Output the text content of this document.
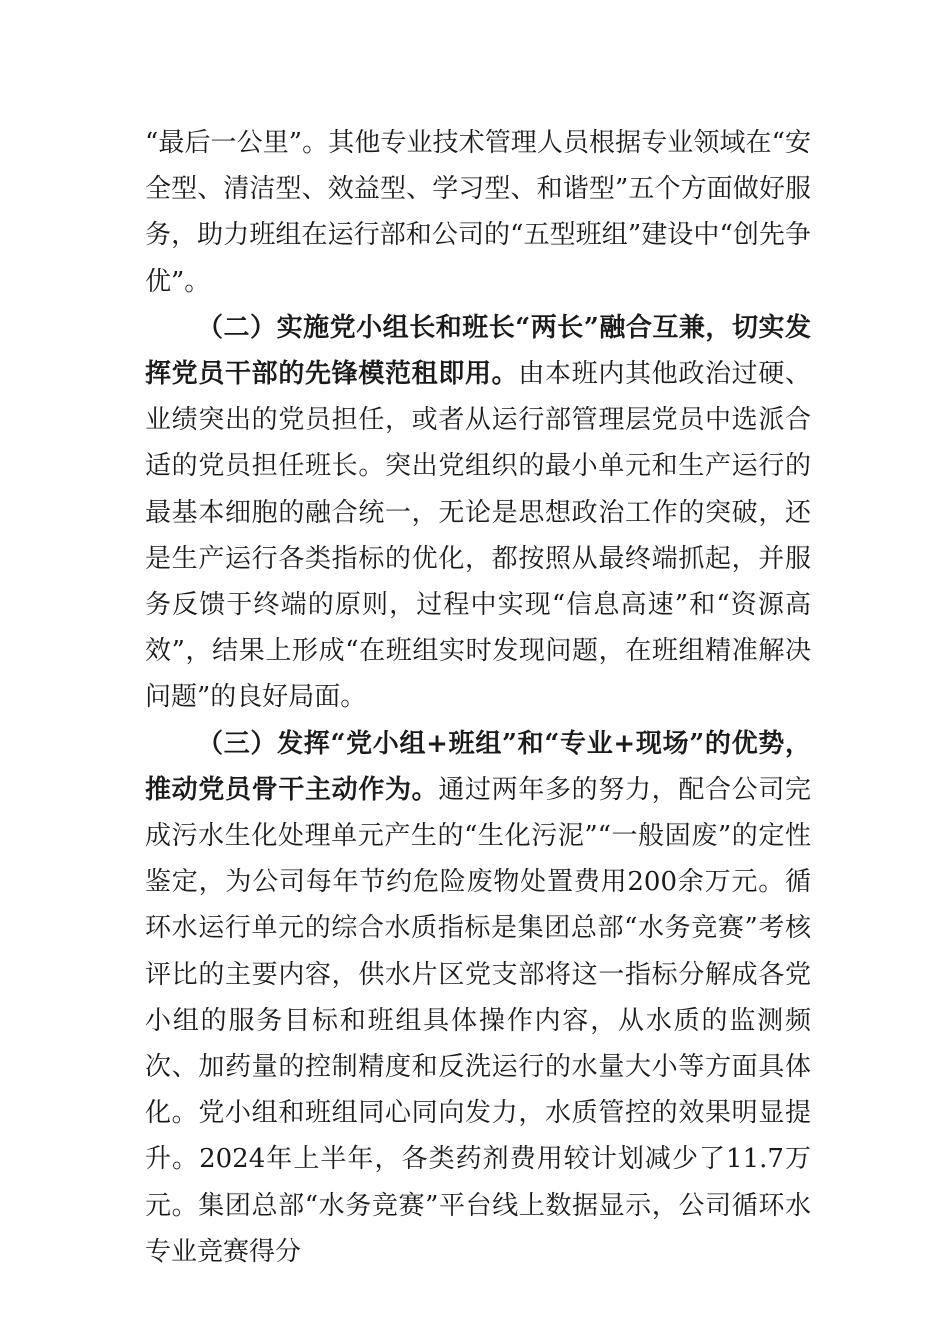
“最后一公里”。其他专业技术管理人员根据专业领域在“安全型、清洁型、效益型、学习型、和谐型”五个方面做好服务，助力班组在运行部和公司的“五型班组”建设中“创先争优”。

（二）实施党小组长和班长“两长”融合互兼，切实发挥党员干部的先锋模范租即用。由本班内其他政治过硬、业绩突出的党员担任，或者从运行部管理层党员中选派合适的党员担任班长。突出党组织的最小单元和生产运行的最基本细胞的融合统一，无论是思想政治工作的突破，还是生产运行各类指标的优化，都按照从最终端抓起，并服务反馈于终端的原则，过程中实现“信息高速”和“资源高效”，结果上形成“在班组实时发现问题，在班组精准解决问题”的良好局面。

（三）发挥“党小组+班组”和“专业+现场”的优势，推动党员骨干主动作为。通过两年多的努力，配合公司完成污水生化处理单元产生的“生化污泥”“一般固废”的定性鉴定，为公司每年节约危险废物处置费用200余万元。循环水运行单元的综合水质指标是集团总部“水务竞赛”考核评比的主要内容，供水片区党支部将这一指标分解成各党小组的服务目标和班组具体操作内容，从水质的监测频次、加药量的控制精度和反洗运行的水量大小等方面具体化。党小组和班组同心同向发力，水质管控的效果明显提升。2024年上半年，各类药剂费用较计划减少了11.7万元。集团总部“水务竞赛”平台线上数据显示，公司循环水专业竞赛得分
